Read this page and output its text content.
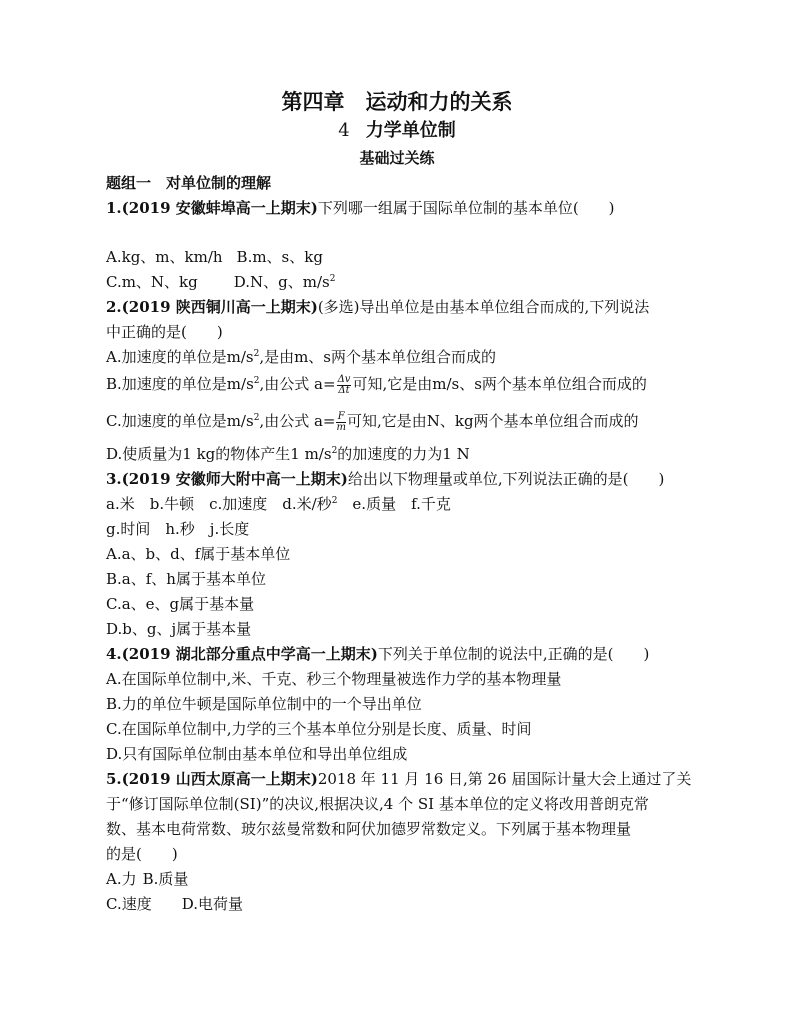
第四章　运动和力的关系
4 力学单位制
基础过关练
题组一　对单位制的理解
1.(2019 安徽蚌埠高一上期末)下列哪一组属于国际单位制的基本单位(　　)
A.kg、m、km/h B.m、s、kg
C.m、N、kg D.N、g、$m/s^2$
2.(2019 陕西铜川高一上期末)(多选)导出单位是由基本单位组合而成的,下列说法
中正确的是(　　)
A.加速度的单位是$m/s^2$,是由m、s两个基本单位组合而成的
B.加速度的单位是$m/s^2$,由公式 $a= \frac{\Delta v}{\Delta t}$ 可知,它是由m/s、s两个基本单位组合而成的
C.加速度的单位是$m/s^2$,由公式 $a= \frac{F}{m}$ 可知,它是由N、kg两个基本单位组合而成的
D.使质量为1 kg的物体产生1 $m/s^2$的加速度的力为1 N
3.(2019 安徽师大附中高一上期末)给出以下物理量或单位,下列说法正确的是(　　)
a.米　b.牛顿　c.加速度　d.米/秒$^2$　e.质量　f.千克
g.时间　h.秒　j.长度
A.a、b、d、f属于基本单位
B.a、f、h属于基本单位
C.a、e、g属于基本量
D.b、g、j属于基本量
4.(2019 湖北部分重点中学高一上期末)下列关于单位制的说法中,正确的是(　　)
A.在国际单位制中,米、千克、秒三个物理量被选作力学的基本物理量
B.力的单位牛顿是国际单位制中的一个导出单位
C.在国际单位制中,力学的三个基本单位分别是长度、质量、时间
D.只有国际单位制由基本单位和导出单位组成
5.(2019 山西太原高一上期末)2018 年 11 月 16 日,第 26 届国际计量大会上通过了关
于“修订国际单位制(SI)”的决议,根据决议,4 个 SI 基本单位的定义将改用普朗克常
数、基本电荷常数、玻尔兹曼常数和阿伏加德罗常数定义。下列属于基本物理量
的是(　　)
A.力 B.质量
C.速度 D.电荷量
